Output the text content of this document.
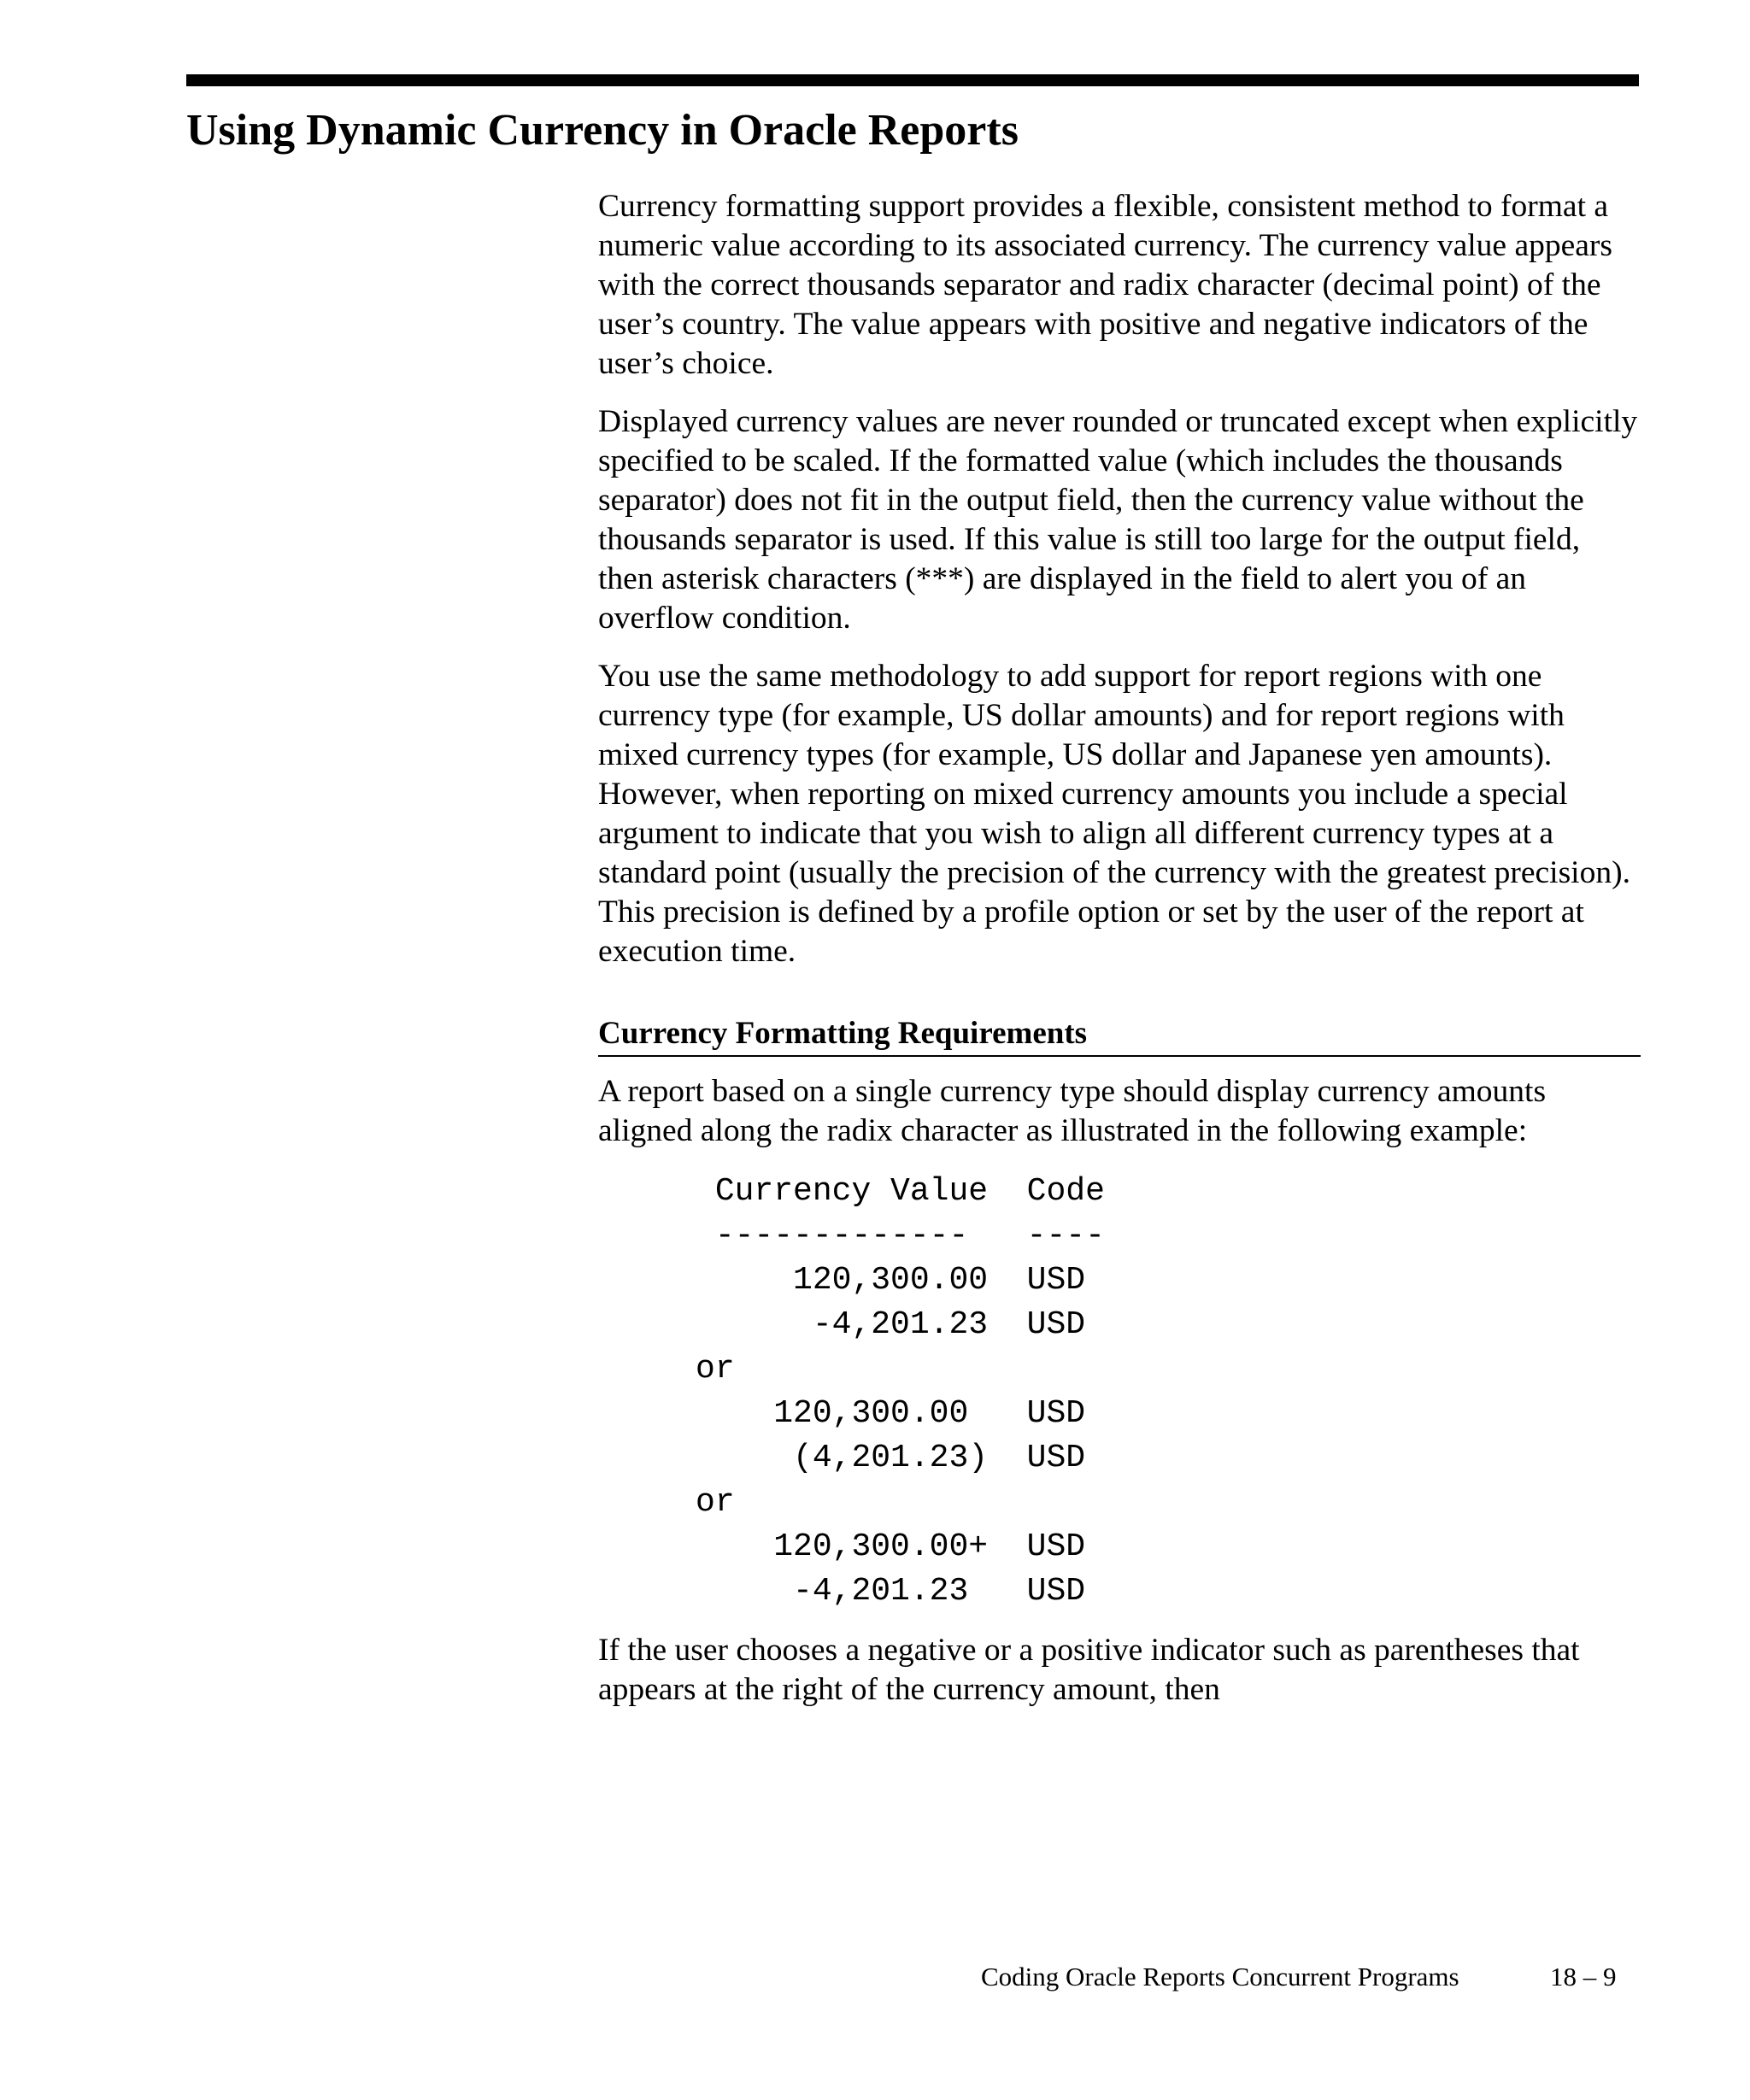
Using Dynamic Currency in Oracle Reports

Currency formatting support provides a flexible, consistent method to format a numeric value according to its associated currency. The currency value appears with the correct thousands separator and radix character (decimal point) of the user’s country. The value appears with positive and negative indicators of the user’s choice.

Displayed currency values are never rounded or truncated except when explicitly specified to be scaled. If the formatted value (which includes the thousands separator) does not fit in the output field, then the currency value without the thousands separator is used. If this value is still too large for the output field, then asterisk characters (***) are displayed in the field to alert you of an overflow condition.

You use the same methodology to add support for report regions with one currency type (for example, US dollar amounts) and for report regions with mixed currency types (for example, US dollar and Japanese yen amounts). However, when reporting on mixed currency amounts you include a special argument to indicate that you wish to align all different currency types at a standard point (usually the precision of the currency with the greatest precision). This precision is defined by a profile option or set by the user of the report at execution time.

Currency Formatting Requirements

A report based on a single currency type should display currency amounts aligned along the radix character as illustrated in the following example:

Currency Value  Code
-------------   ----
120,300.00  USD
-4,201.23  USD
or
120,300.00   USD
(4,201.23)  USD
or
120,300.00+  USD
-4,201.23   USD

If the user chooses a negative or a positive indicator such as parentheses that appears at the right of the currency amount, then

Coding Oracle Reports Concurrent Programs	18 – 9
